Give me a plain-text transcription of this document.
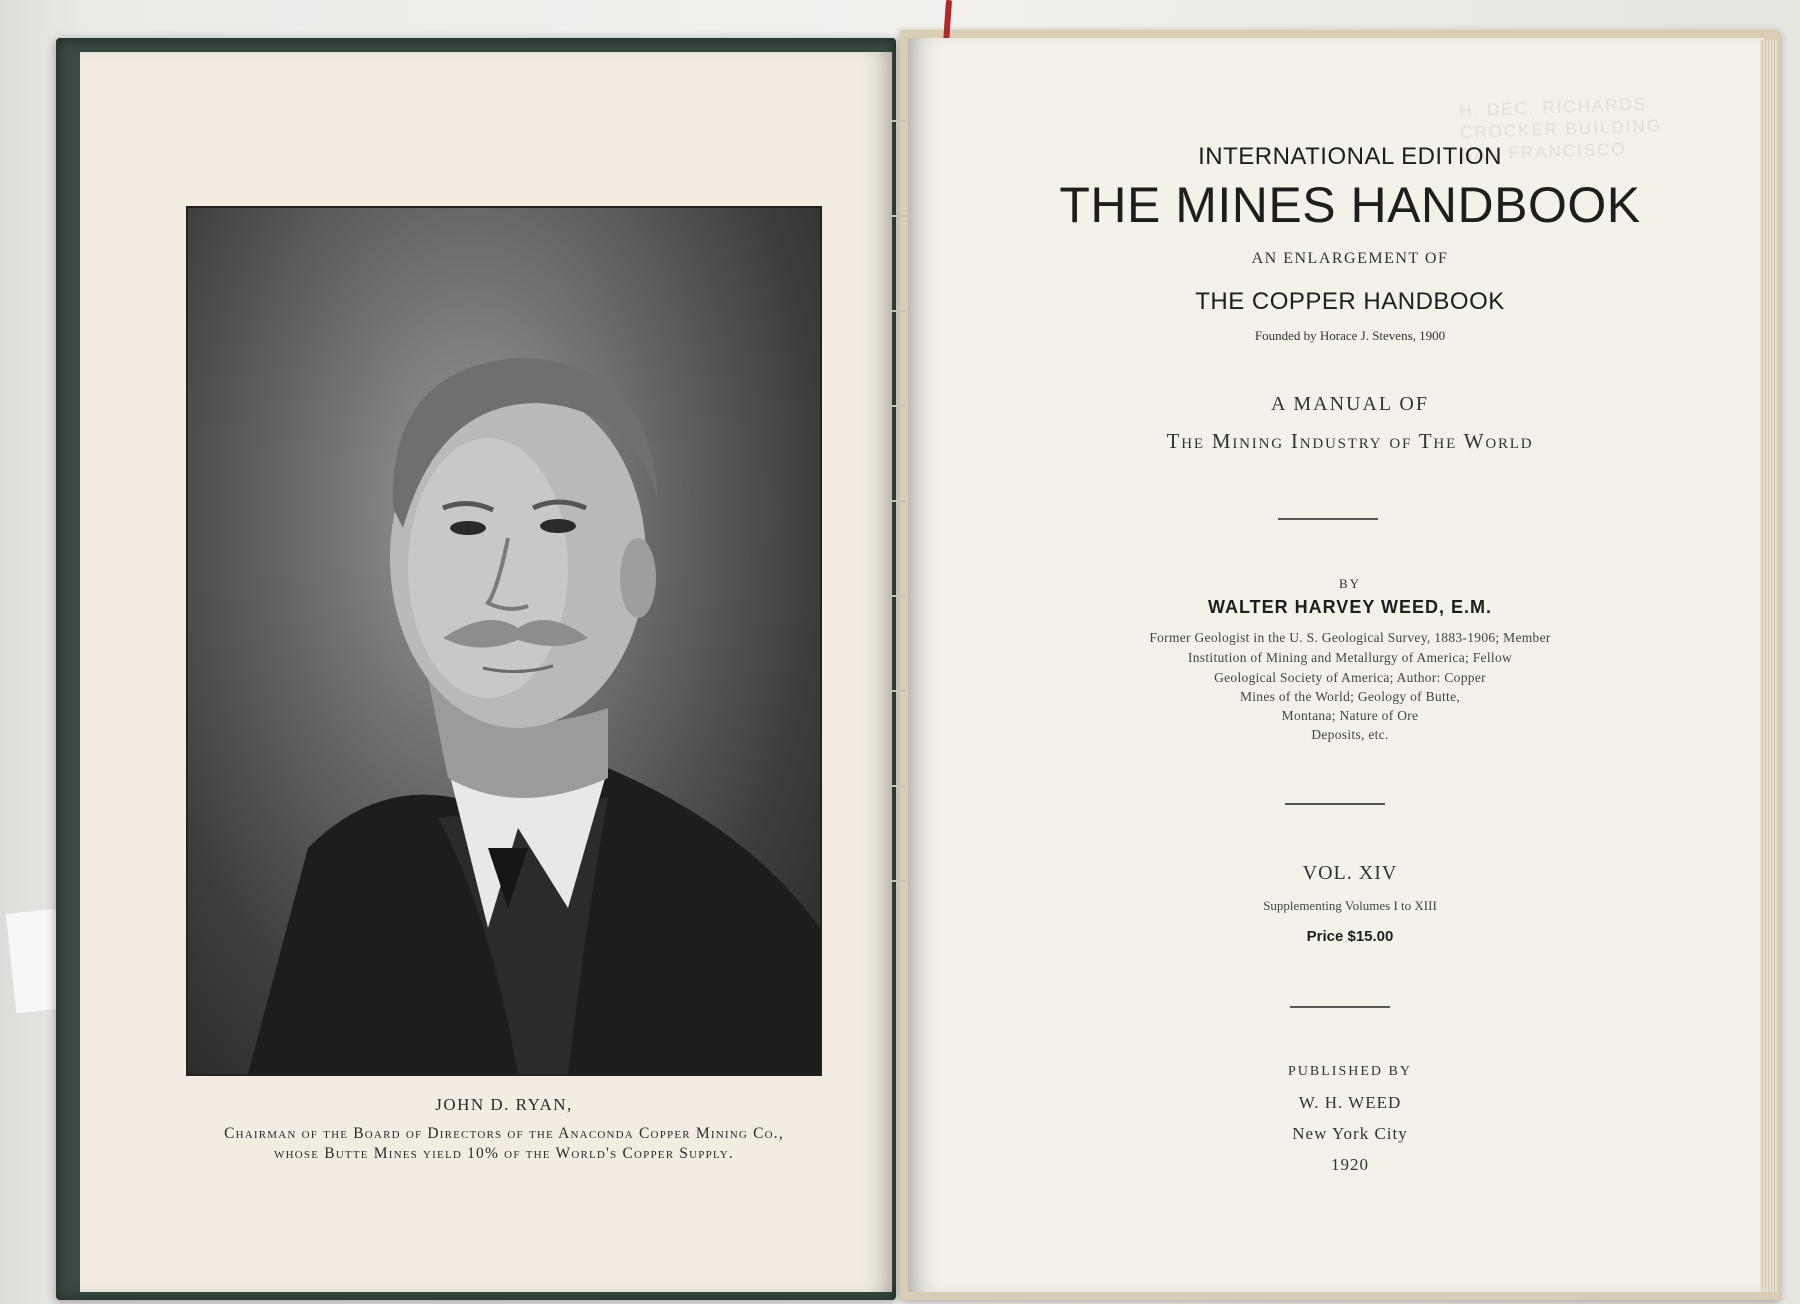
JOHN D. RYAN,
Chairman of the Board of Directors of the Anaconda Copper Mining Co.,
whose Butte Mines yield 10% of the World's Copper Supply.
H. DEC. RICHARDS
CROCKER BUILDING
SAN FRANCISCO
INTERNATIONAL EDITION
THE MINES HANDBOOK
AN ENLARGEMENT OF
THE COPPER HANDBOOK
Founded by Horace J. Stevens, 1900
A MANUAL OF
The Mining Industry of The World
BY
WALTER HARVEY WEED, E.M.
Former Geologist in the U. S. Geological Survey, 1883-1906; Member
Institution of Mining and Metallurgy of America; Fellow
Geological Society of America; Author: Copper
Mines of the World; Geology of Butte,
Montana; Nature of Ore
Deposits, etc.
VOL. XIV
Supplementing Volumes I to XIII
Price $15.00
PUBLISHED BY
W. H. WEED
New York City
1920
